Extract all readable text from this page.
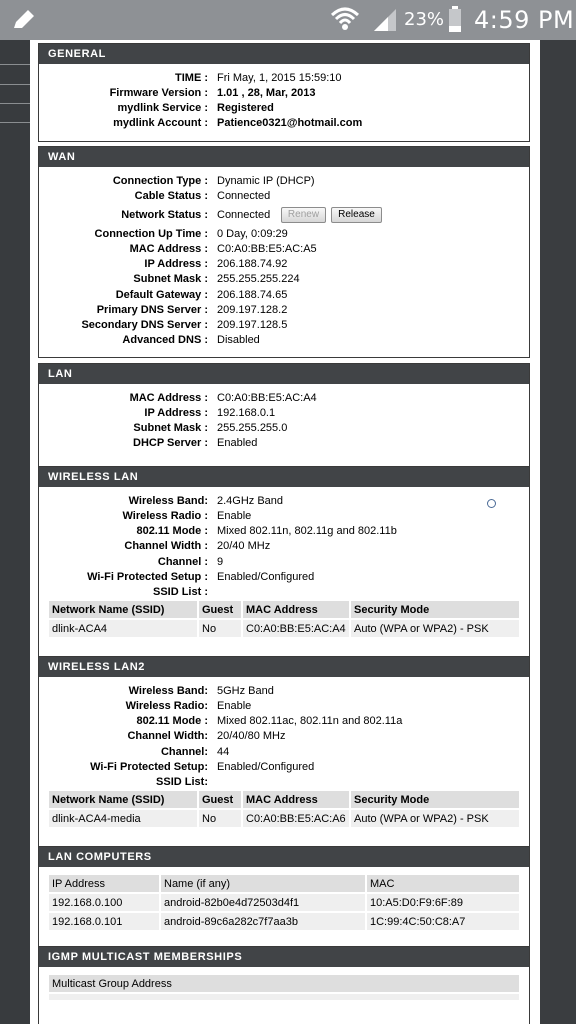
23% 4:59 PM
GENERAL
TIME : Fri May, 1, 2015 15:59:10
Firmware Version : 1.01 , 28, Mar, 2013
mydlink Service : Registered
mydlink Account : Patience0321@hotmail.com
WAN
Connection Type : Dynamic IP (DHCP)
Cable Status : Connected
Network Status : Connected	Renew	Release
Connection Up Time : 0 Day, 0:09:29
MAC Address : C0:A0:BB:E5:AC:A5
IP Address : 206.188.74.92
Subnet Mask : 255.255.255.224
Default Gateway : 206.188.74.65
Primary DNS Server : 209.197.128.2
Secondary DNS Server : 209.197.128.5
Advanced DNS : Disabled
LAN
MAC Address : C0:A0:BB:E5:AC:A4
IP Address : 192.168.0.1
Subnet Mask : 255.255.255.0
DHCP Server : Enabled
WIRELESS LAN
Wireless Band: 2.4GHz Band
Wireless Radio : Enable
802.11 Mode : Mixed 802.11n, 802.11g and 802.11b
Channel Width : 20/40 MHz
Channel : 9
Wi-Fi Protected Setup : Enabled/Configured
SSID List :
Network Name (SSID)	Guest	MAC Address	Security Mode
dlink-ACA4	No	C0:A0:BB:E5:AC:A4	Auto (WPA or WPA2) - PSK
WIRELESS LAN2
Wireless Band: 5GHz Band
Wireless Radio: Enable
802.11 Mode : Mixed 802.11ac, 802.11n and 802.11a
Channel Width: 20/40/80 MHz
Channel: 44
Wi-Fi Protected Setup: Enabled/Configured
SSID List:
Network Name (SSID)	Guest	MAC Address	Security Mode
dlink-ACA4-media	No	C0:A0:BB:E5:AC:A6	Auto (WPA or WPA2) - PSK
LAN COMPUTERS
IP Address	Name (if any)	MAC
192.168.0.100	android-82b0e4d72503d4f1	10:A5:D0:F9:6F:89
192.168.0.101	android-89c6a282c7f7aa3b	1C:99:4C:50:C8:A7
IGMP MULTICAST MEMBERSHIPS
Multicast Group Address
